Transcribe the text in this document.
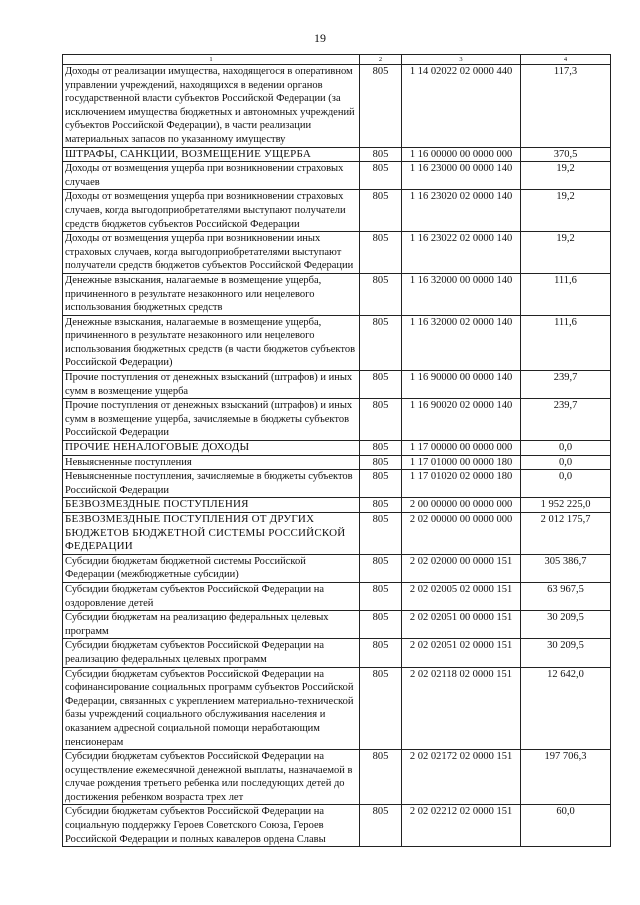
19
1	2	3	4
Доходы от реализации имущества, находящегося в оперативном управлении учреждений, находящихся в ведении органов государственной власти субъектов Российской Федерации (за исключением имущества бюджетных и автономных учреждений субъектов Российской Федерации), в части реализации материальных запасов по указанному имуществу	805	1 14 02022 02 0000 440	117,3
ШТРАФЫ, САНКЦИИ, ВОЗМЕЩЕНИЕ УЩЕРБА	805	1 16 00000 00 0000 000	370,5
Доходы от возмещения ущерба при возникновении страховых случаев	805	1 16 23000 00 0000 140	19,2
Доходы от возмещения ущерба при возникновении страховых случаев, когда выгодоприобретателями выступают получатели средств бюджетов субъектов Российской Федерации	805	1 16 23020 02 0000 140	19,2
Доходы от возмещения ущерба при возникновении иных страховых случаев, когда выгодоприобретателями выступают получатели средств бюджетов субъектов Российской Федерации	805	1 16 23022 02 0000 140	19,2
Денежные взыскания, налагаемые в возмещение ущерба, причиненного в результате незаконного или нецелевого использования бюджетных средств	805	1 16 32000 00 0000 140	111,6
Денежные взыскания, налагаемые в возмещение ущерба, причиненного в результате незаконного или нецелевого использования бюджетных средств (в части бюджетов субъектов Российской Федерации)	805	1 16 32000 02 0000 140	111,6
Прочие поступления от денежных взысканий (штрафов) и иных сумм в возмещение ущерба	805	1 16 90000 00 0000 140	239,7
Прочие поступления от денежных взысканий (штрафов) и иных сумм в возмещение ущерба, зачисляемые в бюджеты субъектов Российской Федерации	805	1 16 90020 02 0000 140	239,7
ПРОЧИЕ НЕНАЛОГОВЫЕ ДОХОДЫ	805	1 17 00000 00 0000 000	0,0
Невыясненные поступления	805	1 17 01000 00 0000 180	0,0
Невыясненные поступления, зачисляемые в бюджеты субъектов Российской Федерации	805	1 17 01020 02 0000 180	0,0
БЕЗВОЗМЕЗДНЫЕ ПОСТУПЛЕНИЯ	805	2 00 00000 00 0000 000	1 952 225,0
БЕЗВОЗМЕЗДНЫЕ ПОСТУПЛЕНИЯ ОТ ДРУГИХ БЮДЖЕТОВ БЮДЖЕТНОЙ СИСТЕМЫ РОССИЙСКОЙ ФЕДЕРАЦИИ	805	2 02 00000 00 0000 000	2 012 175,7
Субсидии бюджетам бюджетной системы Российской Федерации (межбюджетные субсидии)	805	2 02 02000 00 0000 151	305 386,7
Субсидии бюджетам субъектов Российской Федерации на оздоровление детей	805	2 02 02005 02 0000 151	63 967,5
Субсидии бюджетам на реализацию федеральных целевых программ	805	2 02 02051 00 0000 151	30 209,5
Субсидии бюджетам субъектов Российской Федерации на реализацию федеральных целевых программ	805	2 02 02051 02 0000 151	30 209,5
Субсидии бюджетам субъектов Российской Федерации на софинансирование социальных программ субъектов Российской Федерации, связанных с укреплением материально-технической базы учреждений социального обслуживания населения и оказанием адресной социальной помощи неработающим пенсионерам	805	2 02 02118 02 0000 151	12 642,0
Субсидии бюджетам субъектов Российской Федерации на осуществление ежемесячной денежной выплаты, назначаемой в случае рождения третьего ребенка или последующих детей до достижения ребенком возраста трех лет	805	2 02 02172 02 0000 151	197 706,3
Субсидии бюджетам субъектов Российской Федерации на социальную поддержку Героев Советского Союза, Героев Российской Федерации и полных кавалеров ордена Славы	805	2 02 02212 02 0000 151	60,0
